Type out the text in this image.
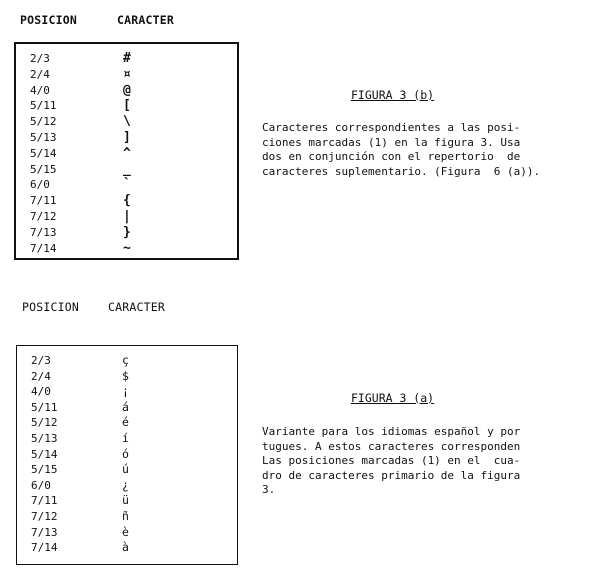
POSICION	CARACTER
2/3	#
2/4	¤
4/0	@
5/11	[
5/12	\
5/13	]
5/14	^
5/15	_
6/0	`
7/11	{
7/12	|
7/13	}
7/14	~
FIGURA 3 (b)
Caracteres correspondientes a las posi-
ciones marcadas (1) en la figura 3. Usa
dos en conjunción con el repertorio  de
caracteres suplementario. (Figura  6 (a)).
POSICION	CARACTER
2/3	ç
2/4	$
4/0	¡
5/11	á
5/12	é
5/13	í
5/14	ó
5/15	ú
6/0	¿
7/11	ü
7/12	ñ
7/13	è
7/14	à
FIGURA 3 (a)
Variante para los idiomas español y por
tugues. A estos caracteres corresponden
Las posiciones marcadas (1) en el  cua-
dro de caracteres primario de la figura
3.
